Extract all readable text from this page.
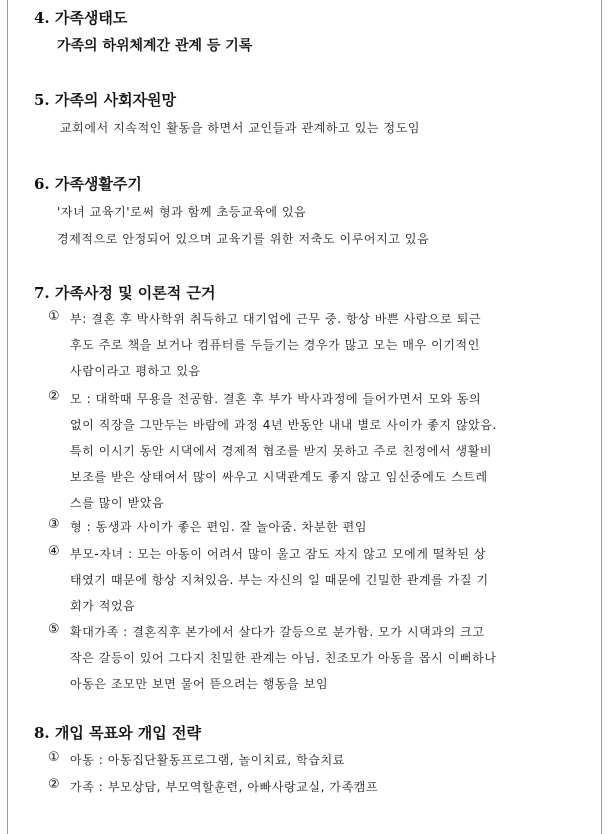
4. 가족생태도
가족의 하위체계간 관계 등 기록
5. 가족의 사회자원망
교회에서 지속적인 활동을 하면서 교인들과 관계하고 있는 정도임
6. 가족생활주기
'자녀 교육기'로써 형과 함께 초등교육에 있음
경제적으로 안정되어 있으며 교육기를 위한 저축도 이루어지고 있음
7. 가족사정 및 이론적 근거
① 부: 결혼 후 박사학위 취득하고 대기업에 근무 중. 항상 바쁜 사람으로 퇴근
후도 주로 책을 보거나 컴퓨터를 두들기는 경우가 많고 모는 매우 이기적인
사람이라고 평하고 있음
② 모 : 대학때 무용을 전공함. 결혼 후 부가 박사과정에 들어가면서 모와 동의
없이 직장을 그만두는 바람에 과정 4년 반동안 내내 별로 사이가 좋지 않았음.
특히 이시기 동안 시댁에서 경제적 협조를 받지 못하고 주로 친정에서 생활비
보조를 받은 상태여서 많이 싸우고 시댁관계도 좋지 않고 임신중에도 스트레
스를 많이 받았음
③ 형 : 동생과 사이가 좋은 편임. 잘 놀아줌. 차분한 편임
④ 부모-자녀 : 모는 아동이 어려서 많이 울고 잠도 자지 않고 모에게 떨착된 상
태였기 때문에 항상 지쳐있음. 부는 자신의 일 때문에 긴밀한 관계를 가질 기
회가 적었음
⑤ 확대가족 : 결혼직후 본가에서 살다가 갈등으로 분가함. 모가 시댁과의 크고
작은 갈등이 있어 그다지 친밀한 관계는 아님. 친조모가 아동을 몹시 이뻐하나
아동은 조모만 보면 물어 뜯으려는 행동을 보임
8. 개입 목표와 개입 전략
① 아동 : 아동집단활동프로그램, 놀이치료, 학습치료
② 가족 : 부모상담, 부모역할훈련, 아빠사랑교실, 가족캠프
